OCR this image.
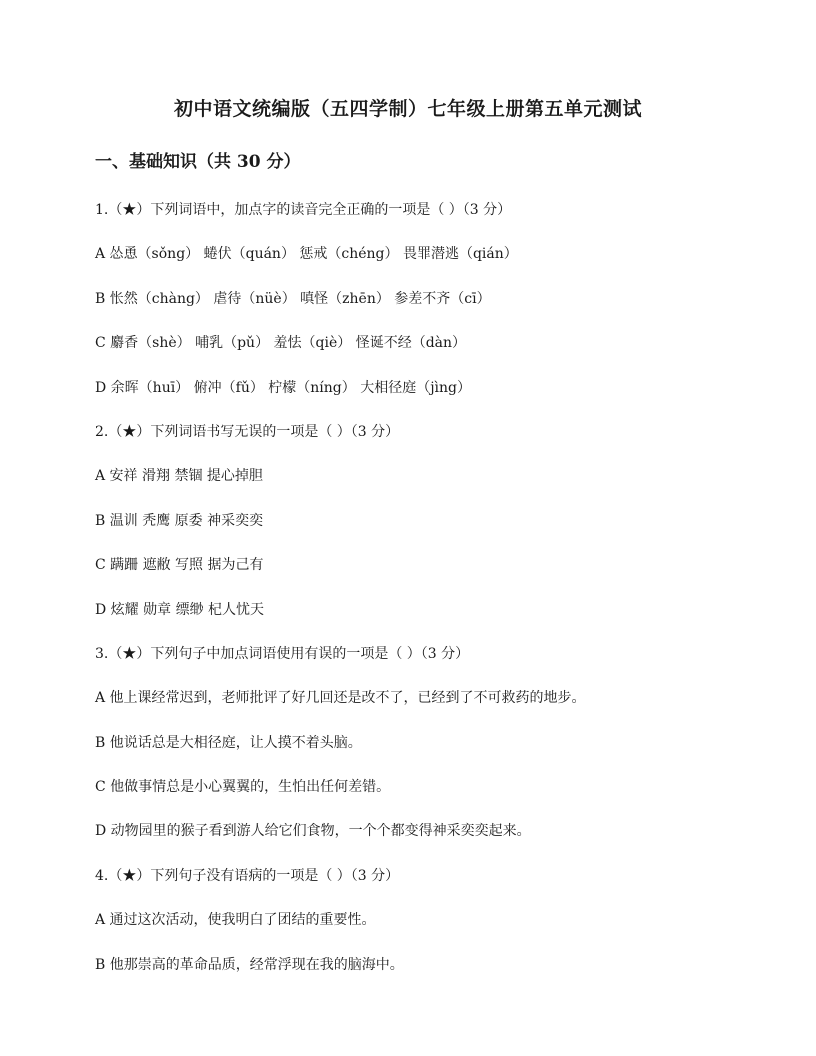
初中语文统编版（五四学制）七年级上册第五单元测试
一、基础知识（共 30 分）
1.（★）下列词语中，加点字的读音完全正确的一项是（ ）（3 分）
A 怂恿（sǒng） 蜷伏（quán） 惩戒（chéng） 畏罪潜逃（qián）
B 怅然（chàng） 虐待（nüè） 嗔怪（zhēn） 参差不齐（cī）
C 麝香（shè） 哺乳（pǔ） 羞怯（qiè） 怪诞不经（dàn）
D 余晖（huī） 俯冲（fǔ） 柠檬（níng） 大相径庭（jìng）
2.（★）下列词语书写无误的一项是（ ）（3 分）
A 安祥 滑翔 禁锢 提心掉胆
B 温训 秃鹰 原委 神采奕奕
C 蹒跚 遮敝 写照 据为己有
D 炫耀 勋章 缥缈 杞人忧天
3.（★）下列句子中加点词语使用有误的一项是（ ）（3 分）
A 他上课经常迟到，老师批评了好几回还是改不了，已经到了不可救药的地步。
B 他说话总是大相径庭，让人摸不着头脑。
C 他做事情总是小心翼翼的，生怕出任何差错。
D 动物园里的猴子看到游人给它们食物，一个个都变得神采奕奕起来。
4.（★）下列句子没有语病的一项是（ ）（3 分）
A 通过这次活动，使我明白了团结的重要性。
B 他那崇高的革命品质，经常浮现在我的脑海中。
